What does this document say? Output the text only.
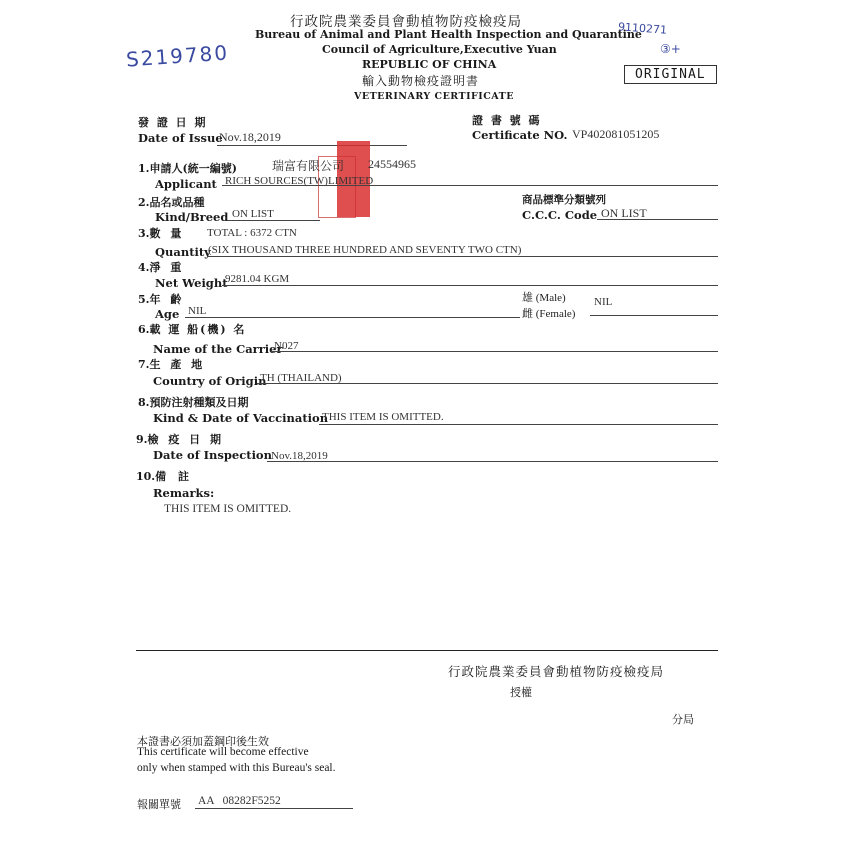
S219780
9110271
③+
行政院農業委員會動植物防疫檢疫局
Bureau of Animal and Plant Health Inspection and Quarantine
Council of Agriculture,Executive Yuan
REPUBLIC OF CHINA
輸入動物檢疫證明書
VETERINARY CERTIFICATE
ORIGINAL
發 證 日 期
Date of Issue
Nov.18,2019
證 書 號 碼
Certificate NO. VP402081051205
1.申請人(統一編號)	瑞富有限公司 24554965
Applicant RICH SOURCES(TW)LIMITED
2.品名或品種
Kind/Breed ON LIST
商品標準分類號列
C.C.C. Code ON LIST
3.數 量 TOTAL : 6372 CTN
Quantity
(SIX THOUSAND THREE HUNDRED AND SEVENTY TWO CTN)
4.淨 重
Net Weight
9281.04 KGM
5.年 齡
Age NIL
雄 (Male)
雌 (Female)
NIL
6.載 運 船(機) 名
Name of the Carrier
N027
7.生 產 地
Country of Origin
TH (THAILAND)
8.預防注射種類及日期
Kind & Date of Vaccination
THIS ITEM IS OMITTED.
9.檢 疫 日 期
Date of Inspection Nov.18,2019
10.備 註
Remarks:
THIS ITEM IS OMITTED.
行政院農業委員會動植物防疫檢疫局
授權
分局
本證書必須加蓋鋼印後生效
This certificate will become effective
only when stamped with this Bureau's seal.
報關單號 AA   08282F5252
